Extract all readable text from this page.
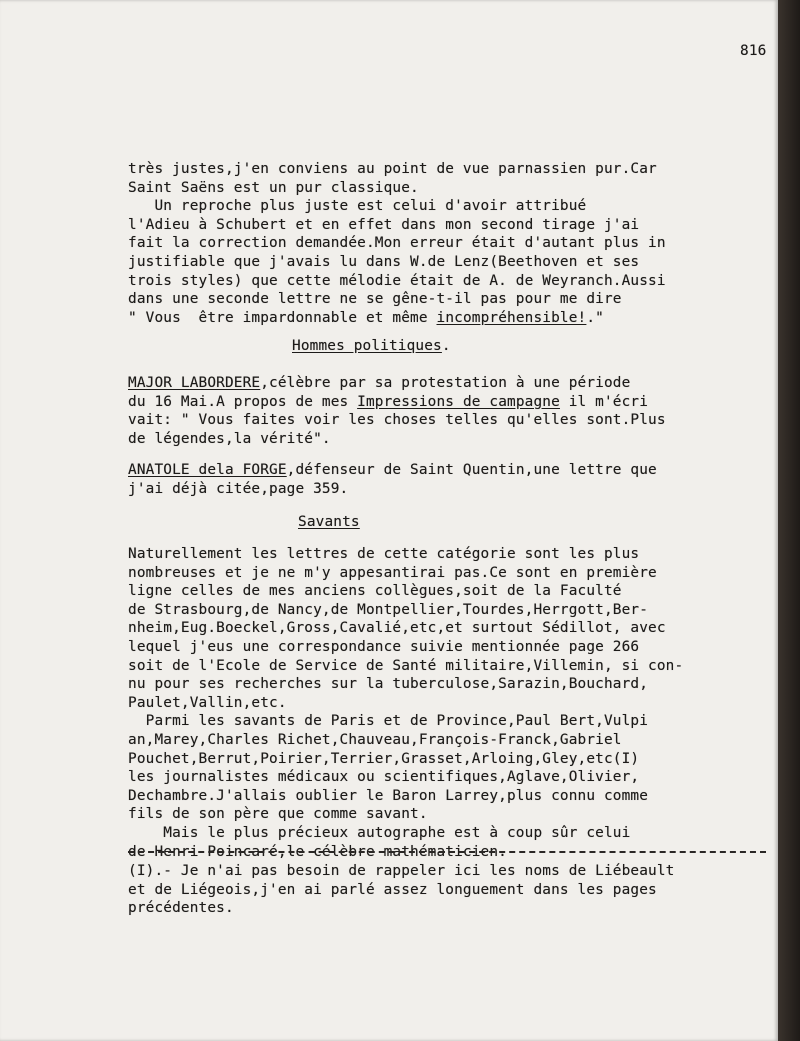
816
très justes,j'en conviens au point de vue parnassien pur.Car
Saint Saëns est un pur classique.
Un reproche plus juste est celui d'avoir attribué
l'Adieu à Schubert et en effet dans mon second tirage j'ai
fait la correction demandée.Mon erreur était d'autant plus in
justifiable que j'avais lu dans W.de Lenz(Beethoven et ses
trois styles) que cette mélodie était de A. de Weyranch.Aussi
dans une seconde lettre ne se gêne-t-il pas pour me dire
" Vous  être impardonnable et même incompréhensible!."
Hommes politiques.
MAJOR LABORDERE,célèbre par sa protestation à une période
du 16 Mai.A propos de mes Impressions de campagne il m'écri
vait: " Vous faites voir les choses telles qu'elles sont.Plus
de légendes,la vérité".
ANATOLE dela FORGE,défenseur de Saint Quentin,une lettre que
j'ai déjà citée,page 359.
Savants
Naturellement les lettres de cette catégorie sont les plus
nombreuses et je ne m'y appesantirai pas.Ce sont en première
ligne celles de mes anciens collègues,soit de la Faculté
de Strasbourg,de Nancy,de Montpellier,Tourdes,Herrgott,Ber-
nheim,Eug.Boeckel,Gross,Cavalié,etc,et surtout Sédillot, avec
lequel j'eus une correspondance suivie mentionnée page 266
soit de l'Ecole de Service de Santé militaire,Villemin, si con-
nu pour ses recherches sur la tuberculose,Sarazin,Bouchard,
Paulet,Vallin,etc.
Parmi les savants de Paris et de Province,Paul Bert,Vulpi
an,Marey,Charles Richet,Chauveau,François-Franck,Gabriel
Pouchet,Berrut,Poirier,Terrier,Grasset,Arloing,Gley,etc(I)
les journalistes médicaux ou scientifiques,Aglave,Olivier,
Dechambre.J'allais oublier le Baron Larrey,plus connu comme
fils de son père que comme savant.
Mais le plus précieux autographe est à coup sûr celui
de Henri Poincaré,le célèbre mathématicien.
(I).- Je n'ai pas besoin de rappeler ici les noms de Liébeault
et de Liégeois,j'en ai parlé assez longuement dans les pages
précédentes.
